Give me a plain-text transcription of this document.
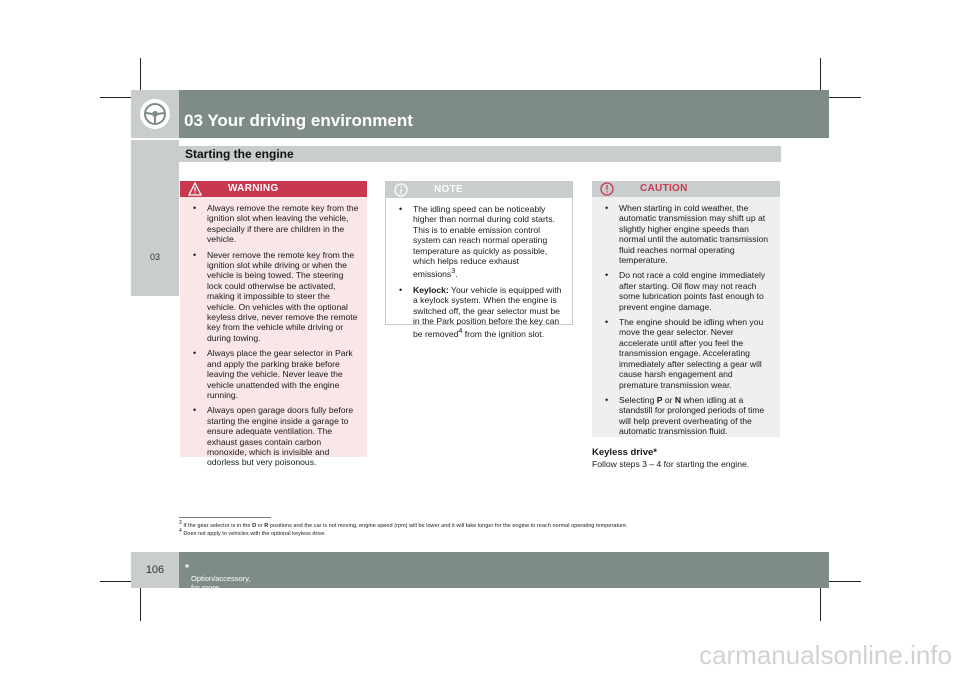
03
03 Your driving environment
Starting the engine
WARNING
• Always remove the remote key from the ignition slot when leaving the vehicle, especially if there are children in the vehicle.
• Never remove the remote key from the ignition slot while driving or when the vehicle is being towed. The steering lock could otherwise be activated, making it impossible to steer the vehicle. On vehicles with the optional keyless drive, never remove the remote key from the vehicle while driving or during towing.
• Always place the gear selector in Park and apply the parking brake before leaving the vehicle. Never leave the vehicle unattended with the engine running.
• Always open garage doors fully before starting the engine inside a garage to ensure adequate ventilation. The exhaust gases contain carbon monoxide, which is invisible and odorless but very poisonous.
NOTE
• The idling speed can be noticeably higher than normal during cold starts. This is to enable emission control system can reach normal operating temperature as quickly as possible, which helps reduce exhaust emissions$^3$.
• Keylock: Your vehicle is equipped with a keylock system. When the engine is switched off, the gear selector must be in the Park position before the key can be removed$^4$ from the ignition slot.
CAUTION
• When starting in cold weather, the automatic transmission may shift up at slightly higher engine speeds than normal until the automatic transmission fluid reaches normal operating temperature.
• Do not race a cold engine immediately after starting. Oil flow may not reach some lubrication points fast enough to prevent engine damage.
• The engine should be idling when you move the gear selector. Never accelerate until after you feel the transmission engage. Accelerating immediately after selecting a gear will cause harsh engagement and premature transmission wear.
• Selecting P or N when idling at a standstill for prolonged periods of time will help prevent overheating of the automatic transmission fluid.
Keyless drive*

Follow steps 3 – 4 for starting the engine.

$^3$ If the gear selector is in the D or R positions and the car is not moving, engine speed (rpm) will be lower and it will take longer for the engine to reach normal operating temperature.
$^4$ Does not apply to vehicles with the optional keyless drive.
106	*
Option/accessory, for more information, see Introduction.
carmanualsonline.info
